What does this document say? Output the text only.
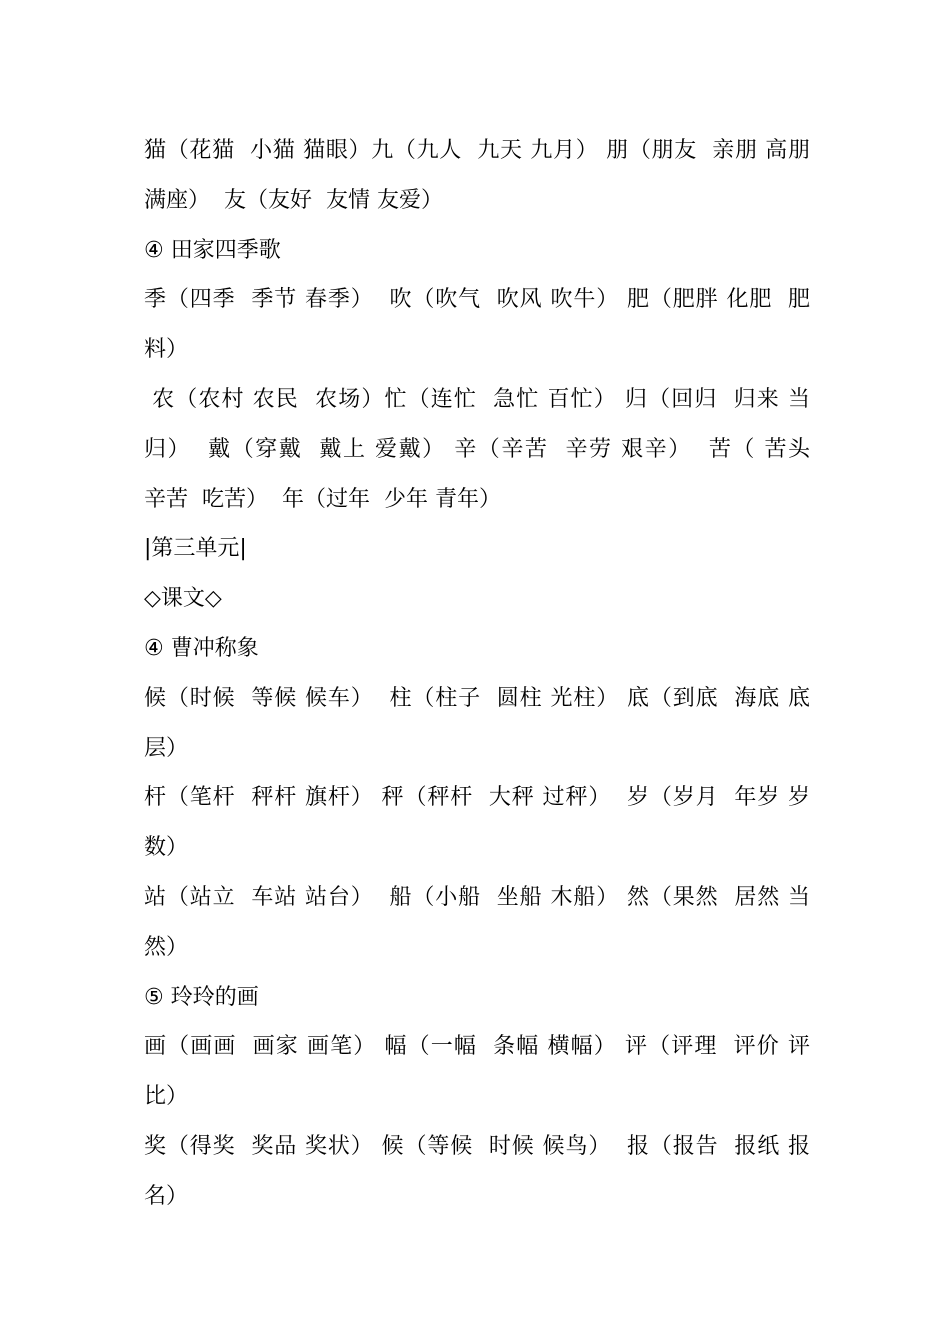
猫（花猫  小猫 猫眼）九（九人  九天 九月） 朋（朋友  亲朋 高朋
满座）  友（友好  友情 友爱）
④ 田家四季歌
季（四季  季节 春季）  吹（吹气  吹风 吹牛） 肥（肥胖 化肥  肥
料）
农（农村 农民  农场）忙（连忙  急忙 百忙） 归（回归  归来 当
归）  戴（穿戴  戴上 爱戴） 辛（辛苦  辛劳 艰辛）  苦（ 苦头
辛苦  吃苦）  年（过年  少年 青年）
|第三单元|
◇课文◇
④ 曹冲称象
候（时候  等候 候车）  柱（柱子  圆柱 光柱） 底（到底  海底 底
层）
杆（笔杆  秤杆 旗杆） 秤（秤杆  大秤 过秤）  岁（岁月  年岁 岁
数）
站（站立  车站 站台）  船（小船  坐船 木船） 然（果然  居然 当
然）
⑤ 玲玲的画
画（画画  画家 画笔） 幅（一幅  条幅 横幅） 评（评理  评价 评
比）
奖（得奖  奖品 奖状） 候（等候  时候 候鸟）  报（报告  报纸 报
名）
